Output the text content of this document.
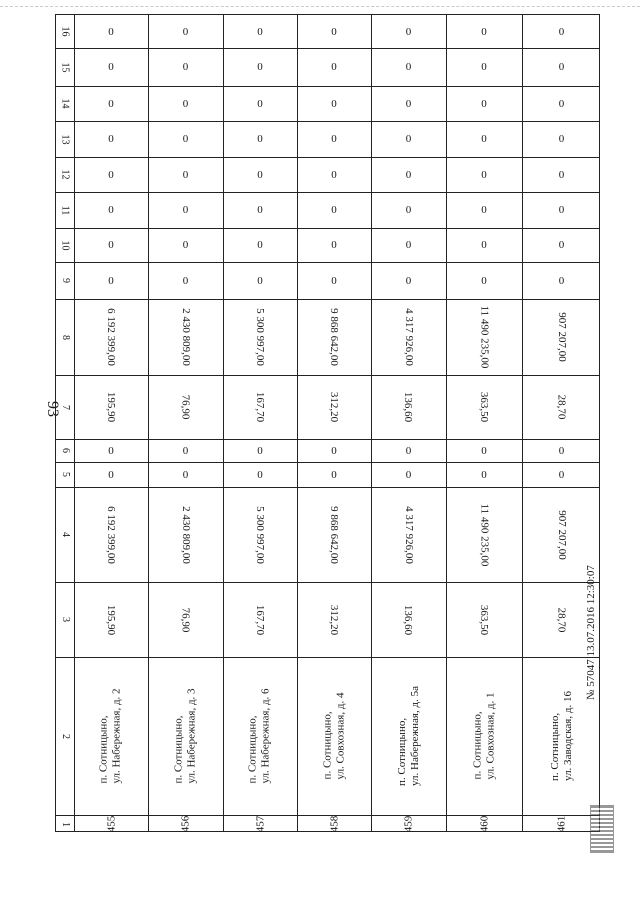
93
16	0	0	0	0	0	0	0
15	0	0	0	0	0	0	0
14	0	0	0	0	0	0	0
13	0	0	0	0	0	0	0
12	0	0	0	0	0	0	0
11	0	0	0	0	0	0	0
10	0	0	0	0	0	0	0
9	0	0	0	0	0	0	0
8	6 192 399,00	2 430 809,00	5 300 997,00	9 868 642,00	4 317 926,00	11 490 235,00	907 207,00
7	195,90	76,90	167,70	312,20	136,60	363,50	28,70
6	0	0	0	0	0	0	0
5	0	0	0	0	0	0	0
4	6 192 399,00	2 430 809,00	5 300 997,00	9 868 642,00	4 317 926,00	11 490 235,00	907 207,00
3	195,90	76,90	167,70	312,20	136,60	363,50	28,70
2	п. Сотницыно, ул. Набережная, д. 2	п. Сотницыно, ул. Набережная, д. 3	п. Сотницыно, ул. Набережная, д. 6	п. Сотницыно, ул. Совхозная, д. 4	п. Сотницыно, ул. Набережная, д. 5а	п. Сотницыно, ул. Совхозная, д. 1	п. Сотницыно, ул. Заводская, д. 16
1	455	456	457	458	459	460	461
№ 57047 13.07.2016 12:30:07
